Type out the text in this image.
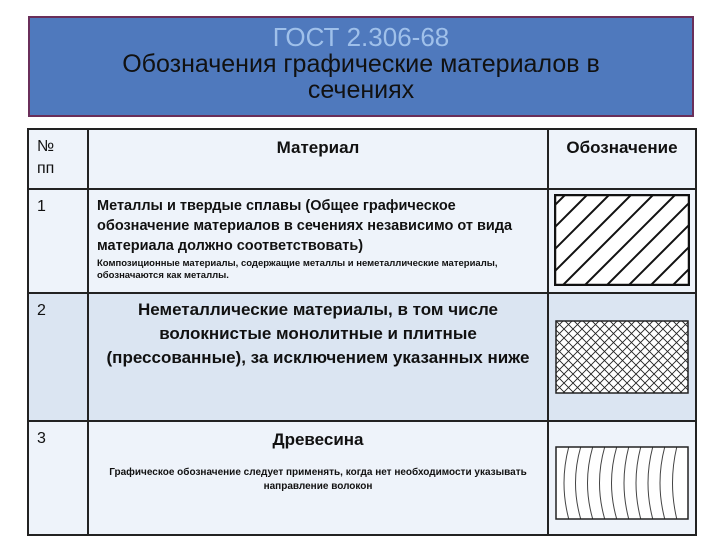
ГОСТ 2.306-68
Обозначения графические материалов в
сечениях
№
пп	Материал	Обозначение
1	Металлы и твердые сплавы (Общее графическое обозначение материалов в сечениях независимо от вида материала должно соответствовать)
Композиционные материалы, содержащие металлы и неметаллические материалы, обозначаются как металлы.

2	Неметаллические материалы, в том числе волокнистые монолитные и плитные (прессованные), за исключением указанных ниже

3	Древесина
Графическое обозначение следует применять, когда нет необходимости указывать направление волокон
